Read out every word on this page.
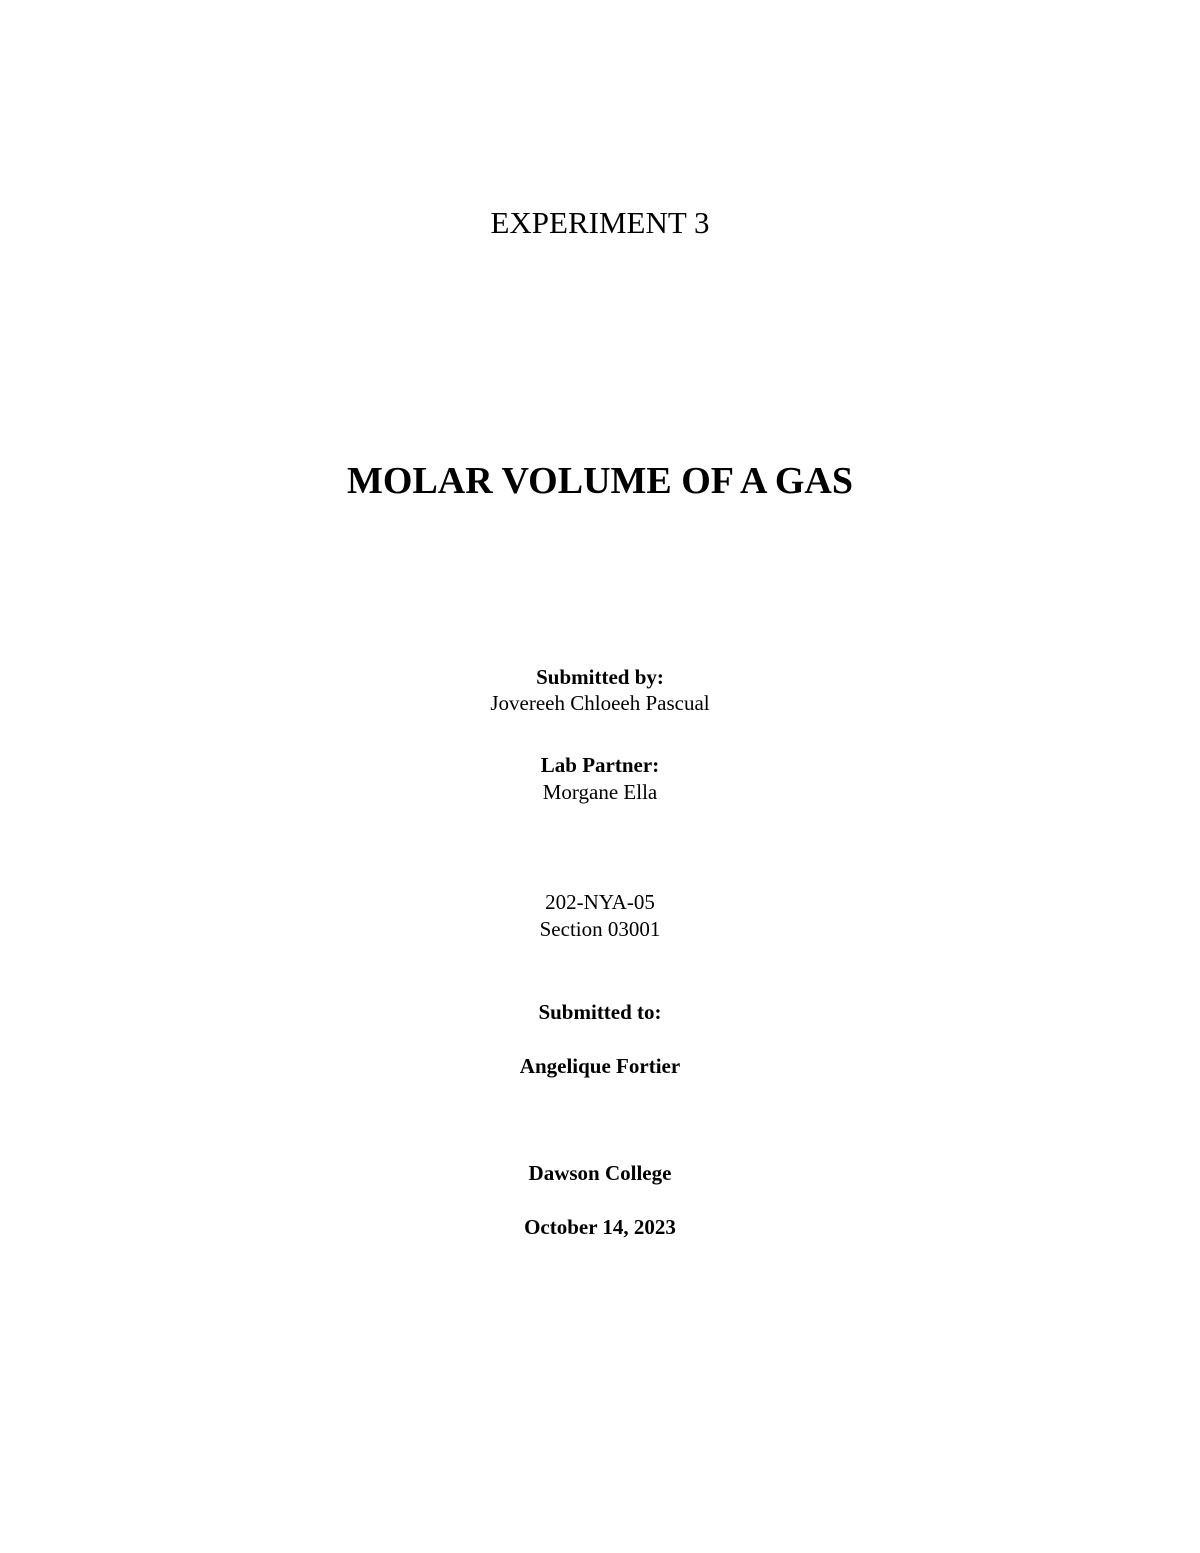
EXPERIMENT 3

MOLAR VOLUME OF A GAS

Submitted by:

Jovereeh Chloeeh Pascual

Lab Partner:

Morgane Ella

202-NYA-05

Section 03001

Submitted to:

Angelique Fortier

Dawson College

October 14, 2023
